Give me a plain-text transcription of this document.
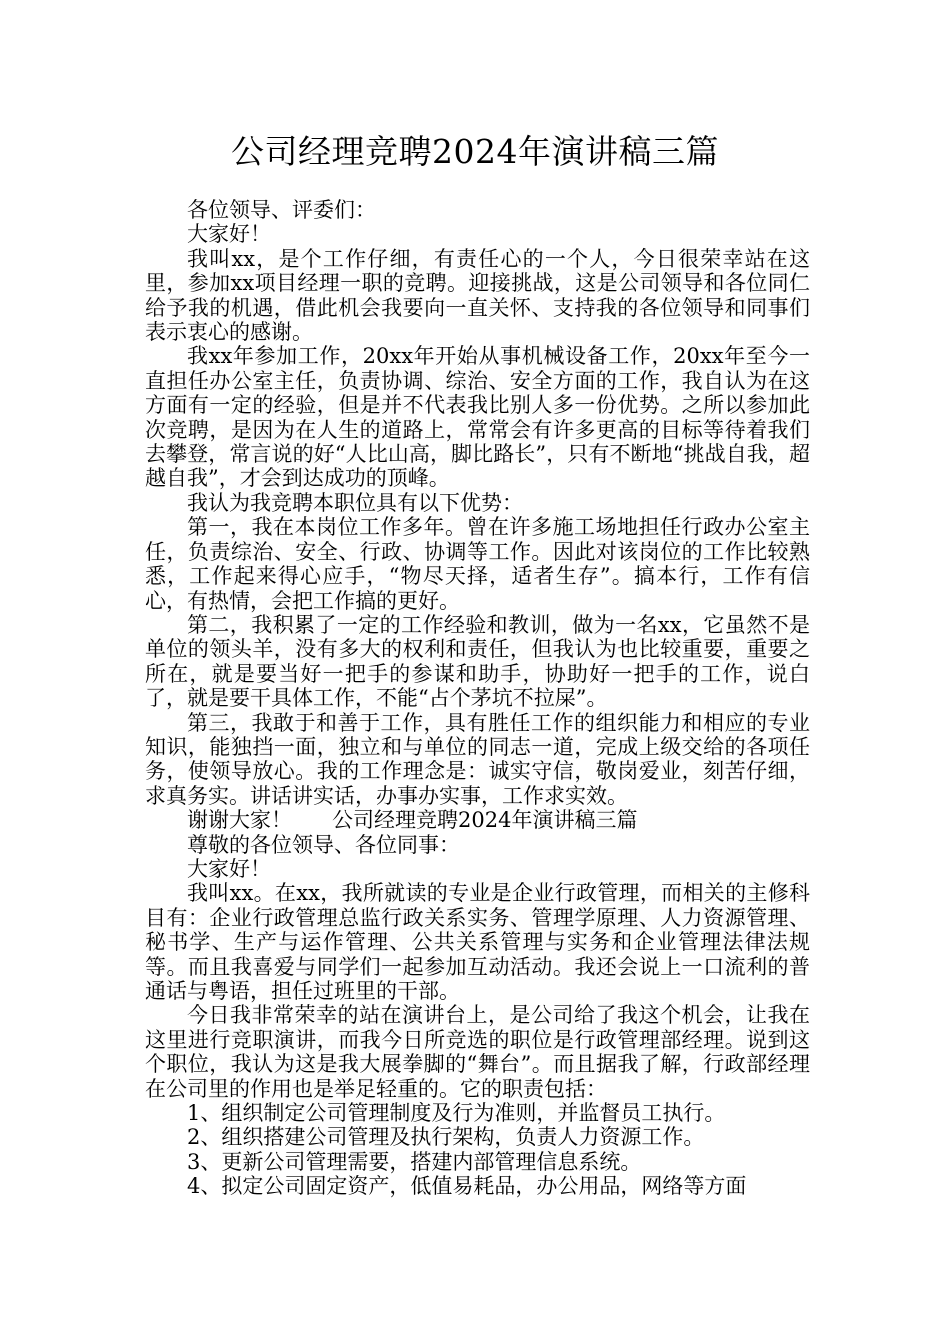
公司经理竞聘2024年演讲稿三篇

各位领导、评委们：

大家好！

我叫xx，是个工作仔细，有责任心的一个人，今日很荣幸站在这里，参加xx项目经理一职的竞聘。迎接挑战，这是公司领导和各位同仁给予我的机遇，借此机会我要向一直关怀、支持我的各位领导和同事们表示衷心的感谢。

我xx年参加工作，20xx年开始从事机械设备工作，20xx年至今一直担任办公室主任，负责协调、综治、安全方面的工作，我自认为在这方面有一定的经验，但是并不代表我比别人多一份优势。之所以参加此次竞聘，是因为在人生的道路上，常常会有许多更高的目标等待着我们去攀登，常言说的好“人比山高，脚比路长”，只有不断地“挑战自我，超越自我”，才会到达成功的顶峰。

我认为我竞聘本职位具有以下优势：

第一，我在本岗位工作多年。曾在许多施工场地担任行政办公室主任，负责综治、安全、行政、协调等工作。因此对该岗位的工作比较熟悉，工作起来得心应手，“物尽天择，适者生存”。搞本行，工作有信心，有热情，会把工作搞的更好。

第二，我积累了一定的工作经验和教训，做为一名xx，它虽然不是单位的领头羊，没有多大的权利和责任，但我认为也比较重要，重要之所在，就是要当好一把手的参谋和助手，协助好一把手的工作，说白了，就是要干具体工作，不能“占个茅坑不拉屎”。

第三，我敢于和善于工作，具有胜任工作的组织能力和相应的专业知识，能独挡一面，独立和与单位的同志一道，完成上级交给的各项任务，使领导放心。我的工作理念是：诚实守信，敬岗爱业，刻苦仔细，求真务实。讲话讲实话，办事办实事，工作求实效。

谢谢大家！ 公司经理竞聘2024年演讲稿三篇

尊敬的各位领导、各位同事：

大家好！

我叫xx。在xx，我所就读的专业是企业行政管理，而相关的主修科目有：企业行政管理总监行政关系实务、管理学原理、人力资源管理、秘书学、生产与运作管理、公共关系管理与实务和企业管理法律法规等。而且我喜爱与同学们一起参加互动活动。我还会说上一口流利的普通话与粤语，担任过班里的干部。

今日我非常荣幸的站在演讲台上，是公司给了我这个机会，让我在这里进行竞职演讲，而我今日所竞选的职位是行政管理部经理。说到这个职位，我认为这是我大展拳脚的“舞台”。而且据我了解，行政部经理在公司里的作用也是举足轻重的。它的职责包括：

1、组织制定公司管理制度及行为准则，并监督员工执行。

2、组织搭建公司管理及执行架构，负责人力资源工作。

3、更新公司管理需要，搭建内部管理信息系统。

4、拟定公司固定资产，低值易耗品，办公用品，网络等方面
